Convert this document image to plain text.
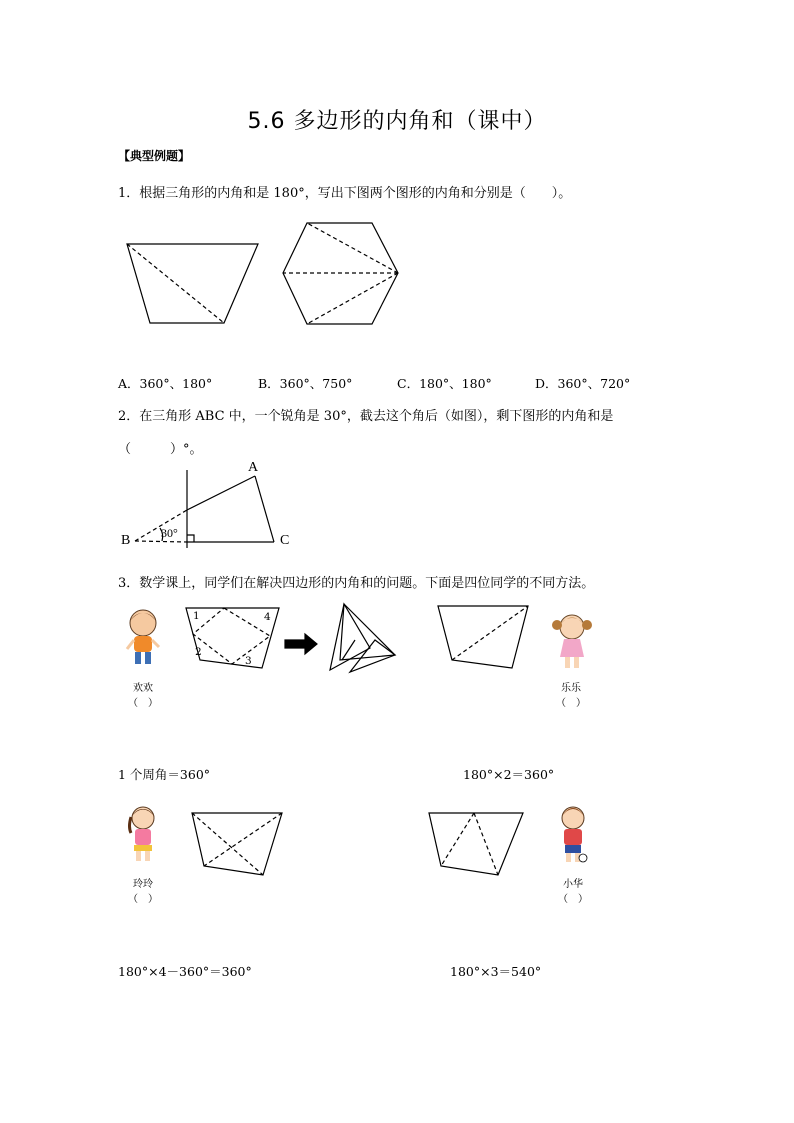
5.6 多边形的内角和（课中）
【典型例题】
1．根据三角形的内角和是 180°，写出下图两个图形的内角和分别是（　　）。
A．360°、180°	B．360°、750°	C．180°、180°	D．360°、720°
2．在三角形 ABC 中，一个锐角是 30°，截去这个角后（如图），剩下图形的内角和是
（　　　）°。
A
B	C
30°
3．数学课上，同学们在解决四边形的内角和的问题。下面是四位同学的不同方法。
欢欢
（　）
乐乐
（　）
玲玲
（　）
小华
（　）
1
2
3
4
1 个周角＝360°	180°×2＝360°
180°×4－360°＝360°	180°×3＝540°
